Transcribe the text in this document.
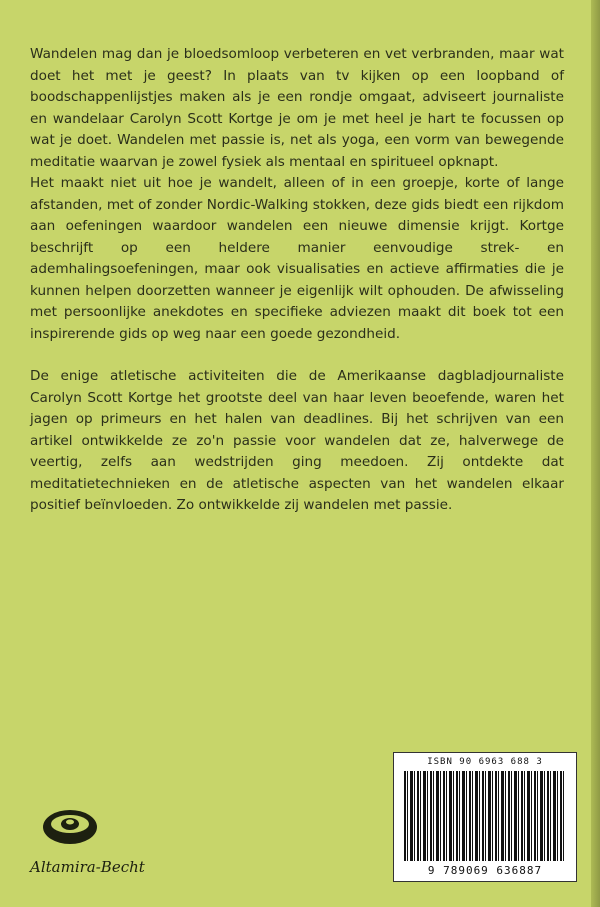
Wandelen mag dan je bloedsomloop verbeteren en vet verbranden, maar wat doet het met je geest? In plaats van tv kijken op een loopband of boodschappenlijstjes maken als je een rondje omgaat, adviseert journaliste en wandelaar Carolyn Scott Kortge je om je met heel je hart te focussen op wat je doet. Wandelen met passie is, net als yoga, een vorm van bewegende meditatie waarvan je zowel fysiek als mentaal en spiritueel opknapt.

Het maakt niet uit hoe je wandelt, alleen of in een groepje, korte of lange afstanden, met of zonder Nordic-Walking stokken, deze gids biedt een rijkdom aan oefeningen waardoor wandelen een nieuwe dimensie krijgt. Kortge beschrijft op een heldere manier eenvoudige strek- en ademhalingsoefeningen, maar ook visualisaties en actieve affirmaties die je kunnen helpen doorzetten wanneer je eigenlijk wilt ophouden. De afwisseling met persoonlijke anekdotes en specifieke adviezen maakt dit boek tot een inspirerende gids op weg naar een goede gezondheid.

De enige atletische activiteiten die de Amerikaanse dagbladjournaliste Carolyn Scott Kortge het grootste deel van haar leven beoefende, waren het jagen op primeurs en het halen van deadlines. Bij het schrijven van een artikel ontwikkelde ze zo'n passie voor wandelen dat ze, halverwege de veertig, zelfs aan wedstrijden ging meedoen. Zij ontdekte dat meditatietechnieken en de atletische aspecten van het wandelen elkaar positief beïnvloeden. Zo ontwikkelde zij wandelen met passie.

Altamira-Becht
ISBN 90 6963 688 3
9 789069 636887
